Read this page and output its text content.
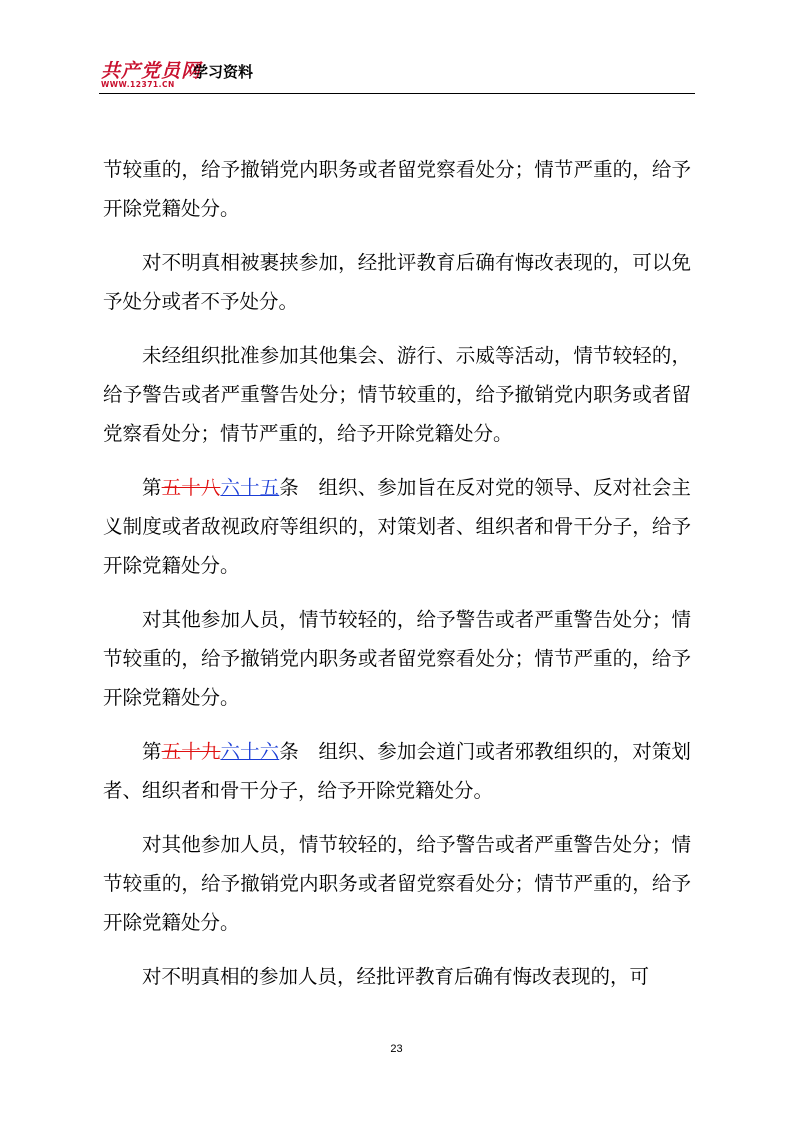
共产党员网
WWW.12371.CN
学习资料

节较重的，给予撤销党内职务或者留党察看处分；情节严重的，给予开除党籍处分。

对不明真相被裹挟参加，经批评教育后确有悔改表现的，可以免予处分或者不予处分。

未经组织批准参加其他集会、游行、示威等活动，情节较轻的，给予警告或者严重警告处分；情节较重的，给予撤销党内职务或者留党察看处分；情节严重的，给予开除党籍处分。

第五十八六十五条  组织、参加旨在反对党的领导、反对社会主义制度或者敌视政府等组织的，对策划者、组织者和骨干分子，给予开除党籍处分。

对其他参加人员，情节较轻的，给予警告或者严重警告处分；情节较重的，给予撤销党内职务或者留党察看处分；情节严重的，给予开除党籍处分。

第五十九六十六条  组织、参加会道门或者邪教组织的，对策划者、组织者和骨干分子，给予开除党籍处分。

对其他参加人员，情节较轻的，给予警告或者严重警告处分；情节较重的，给予撤销党内职务或者留党察看处分；情节严重的，给予开除党籍处分。

对不明真相的参加人员，经批评教育后确有悔改表现的，可

23
